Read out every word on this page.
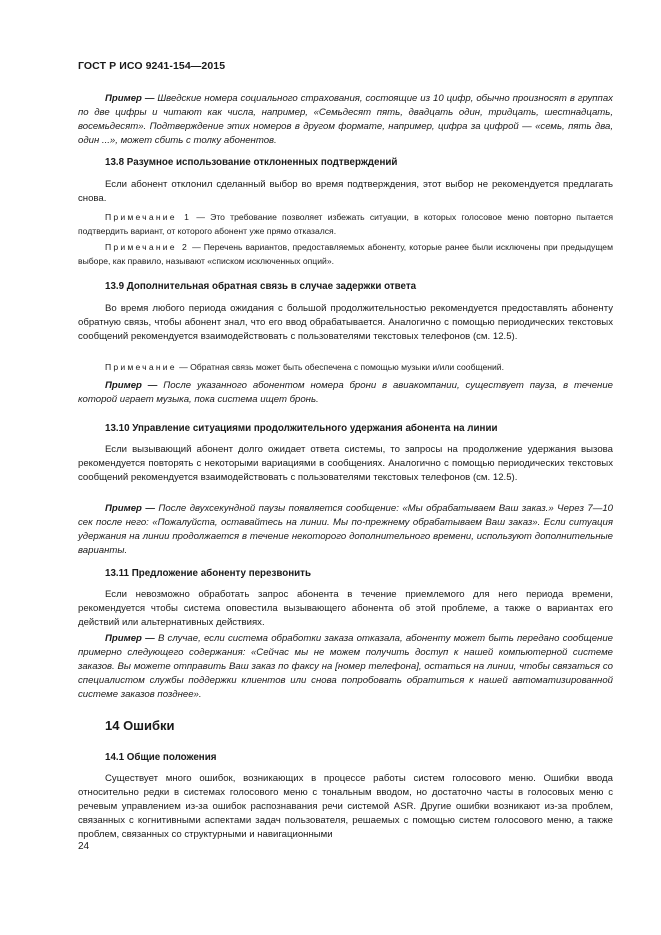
ГОСТ Р ИСО 9241-154—2015
Пример — Шведские номера социального страхования, состоящие из 10 цифр, обычно произносят в группах по две цифры и читают как числа, например, «Семьдесят пять, двадцать один, тридцать, шестнадцать, восемьдесят». Подтверждение этих номеров в другом формате, например, цифра за цифрой — «семь, пять два, один ...», может сбить с толку абонентов.
13.8 Разумное использование отклоненных подтверждений
Если абонент отклонил сделанный выбор во время подтверждения, этот выбор не рекомендуется предлагать снова.
Примечание 1 — Это требование позволяет избежать ситуации, в которых голосовое меню повторно пытается подтвердить вариант, от которого абонент уже прямо отказался.
Примечание 2 — Перечень вариантов, предоставляемых абоненту, которые ранее были исключены при предыдущем выборе, как правило, называют «списком исключенных опций».
13.9 Дополнительная обратная связь в случае задержки ответа
Во время любого периода ожидания с большой продолжительностью рекомендуется предоставлять абоненту обратную связь, чтобы абонент знал, что его ввод обрабатывается. Аналогично с помощью периодических текстовых сообщений рекомендуется взаимодействовать с пользователями текстовых телефонов (см. 12.5).
Примечание — Обратная связь может быть обеспечена с помощью музыки и/или сообщений.
Пример — После указанного абонентом номера брони в авиакомпании, существует пауза, в течение которой играет музыка, пока система ищет бронь.
13.10 Управление ситуациями продолжительного удержания абонента на линии
Если вызывающий абонент долго ожидает ответа системы, то запросы на продолжение удержания вызова рекомендуется повторять с некоторыми вариациями в сообщениях. Аналогично с помощью периодических текстовых сообщений рекомендуется взаимодействовать с пользователями текстовых телефонов (см. 12.5).
Пример — После двухсекундной паузы появляется сообщение: «Мы обрабатываем Ваш заказ.» Через 7—10 сек после него: «Пожалуйста, оставайтесь на линии. Мы по-прежнему обрабатываем Ваш заказ». Если ситуация удержания на линии продолжается в течение некоторого дополнительного времени, используют дополнительные варианты.
13.11 Предложение абоненту перезвонить
Если невозможно обработать запрос абонента в течение приемлемого для него периода времени, рекомендуется чтобы система оповестила вызывающего абонента об этой проблеме, а также о вариантах его действий или альтернативных действиях.
Пример — В случае, если система обработки заказа отказала, абоненту может быть передано сообщение примерно следующего содержания: «Сейчас мы не можем получить доступ к нашей компьютерной системе заказов. Вы можете отправить Ваш заказ по факсу на [номер телефона], остаться на линии, чтобы связаться со специалистом службы поддержки клиентов или снова попробовать обратиться к нашей автоматизированной системе заказов позднее».
14 Ошибки
14.1 Общие положения
Существует много ошибок, возникающих в процессе работы систем голосового меню. Ошибки ввода относительно редки в системах голосового меню с тональным вводом, но достаточно часты в голосовых меню с речевым управлением из-за ошибок распознавания речи системой ASR. Другие ошибки возникают из-за проблем, связанных с когнитивными аспектами задач пользователя, решаемых с помощью систем голосового меню, а также проблем, связанных со структурными и навигационными
24
